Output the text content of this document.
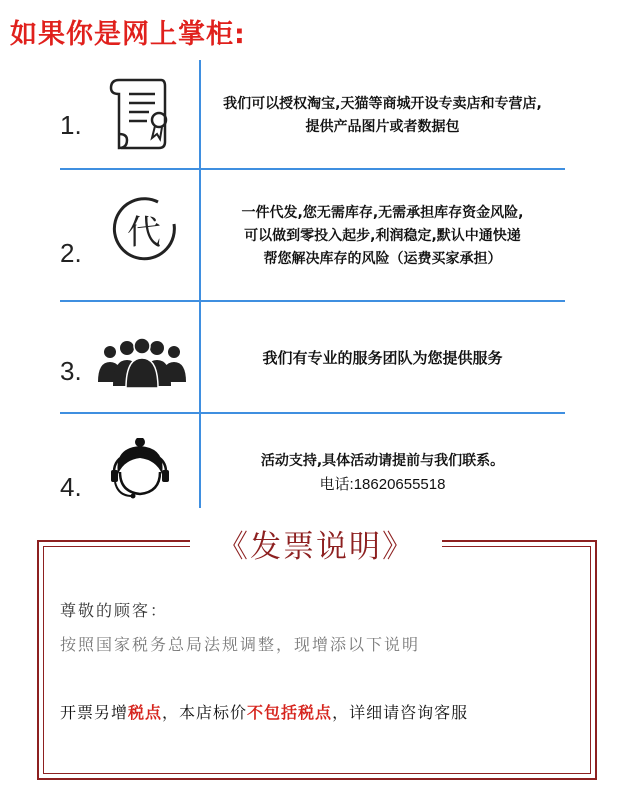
如果你是网上掌柜:
1.
我们可以授权淘宝,天猫等商城开设专卖店和专营店,
提供产品图片或者数据包
2. 代	一件代发,您无需库存,无需承担库存资金风险,
可以做到零投入起步,利润稳定,默认中通快递
帮您解决库存的风险（运费买家承担）
3.	我们有专业的服务团队为您提供服务
4.
活动支持,具体活动请提前与我们联系。
电话:18620655518
《发票说明》
尊敬的顾客：
按照国家税务总局法规调整，现增添以下说明
开票另增税点，本店标价不包括税点，详细请咨询客服
